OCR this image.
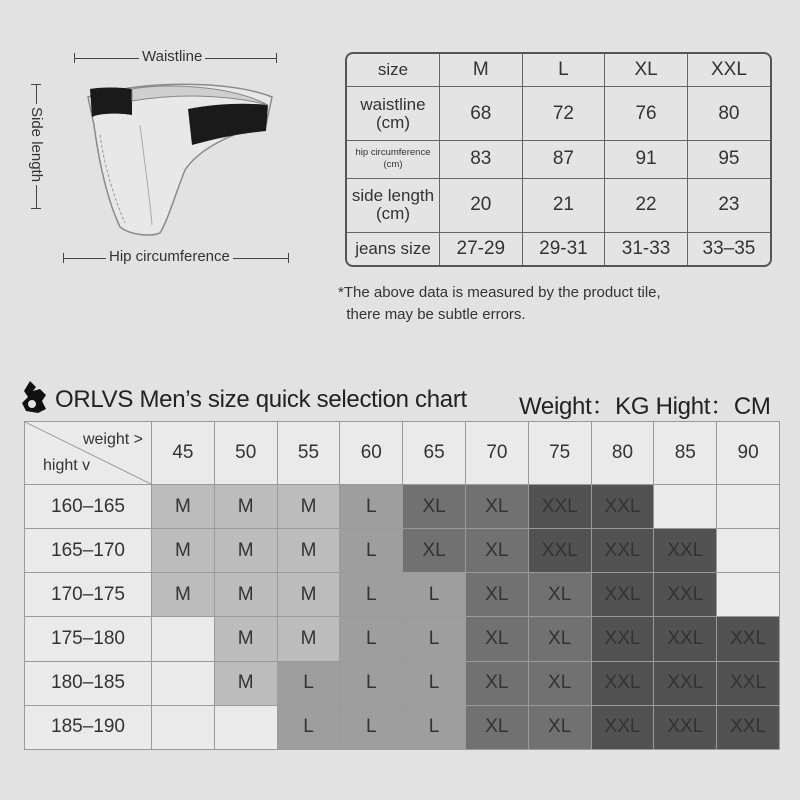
Waistline
Side length
Hip circumference
size	M	L	XL	XXL
waistline
(cm)	68	72	76	80
hip circumference
(cm)	83	87	91	95
side length
(cm)	20	21	22	23
jeans size	27-29	29-31	31-33	33–35
*The above data is measured by the product tile,
there may be subtle errors.
ORLVS Men’s size quick selection chart Weight：KG Hight：CM
weight >
hight v	45	50	55	60	65	70	75	80	85	90
160–165	M	M	M	L	XL	XL	XXL	XXL		
165–170	M	M	M	L	XL	XL	XXL	XXL	XXL	
170–175	M	M	M	L	L	XL	XL	XXL	XXL	
175–180		M	M	L	L	XL	XL	XXL	XXL	XXL
180–185		M	L	L	L	XL	XL	XXL	XXL	XXL
185–190			L	L	L	XL	XL	XXL	XXL	XXL
